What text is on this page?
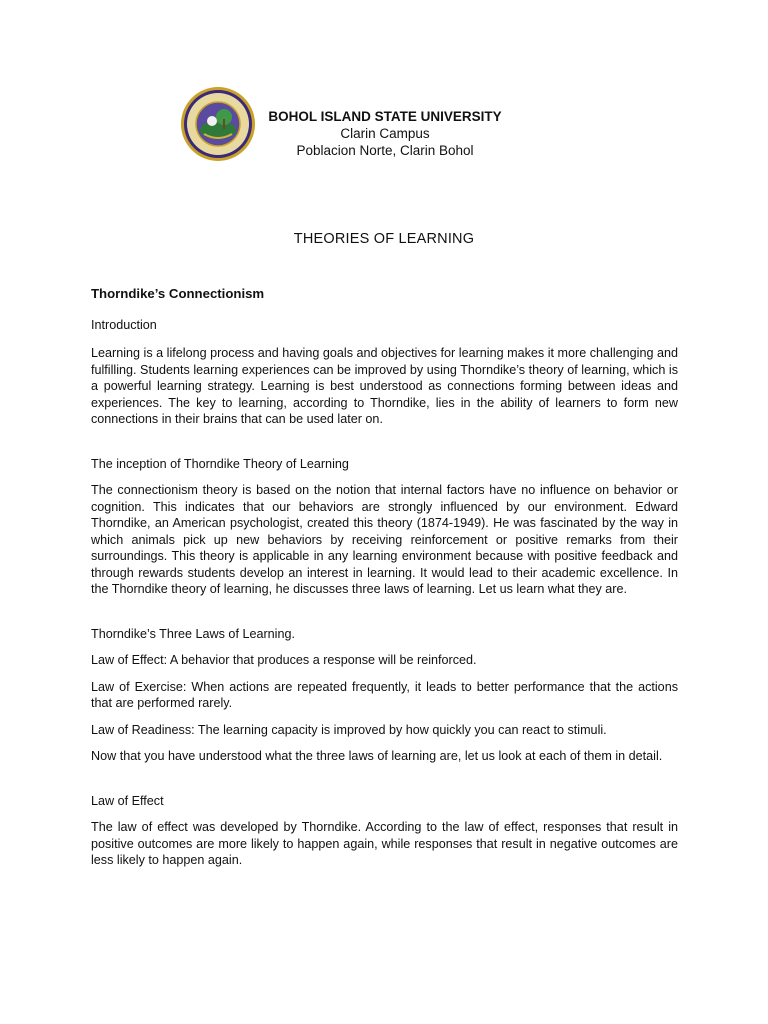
BOHOL ISLAND STATE UNIVERSITY
Clarin Campus
Poblacion Norte, Clarin Bohol
THEORIES OF LEARNING

Thorndike’s Connectionism

Introduction

Learning is a lifelong process and having goals and objectives for learning makes it more challenging and fulfilling. Students learning experiences can be improved by using Thorndike’s theory of learning, which is a powerful learning strategy. Learning is best understood as connections forming between ideas and experiences. The key to learning, according to Thorndike, lies in the ability of learners to form new connections in their brains that can be used later on.

The inception of Thorndike Theory of Learning

The connectionism theory is based on the notion that internal factors have no influence on behavior or cognition. This indicates that our behaviors are strongly influenced by our environment. Edward Thorndike, an American psychologist, created this theory (1874-1949). He was fascinated by the way in which animals pick up new behaviors by receiving reinforcement or positive remarks from their surroundings. This theory is applicable in any learning environment because with positive feedback and through rewards students develop an interest in learning. It would lead to their academic excellence. In the Thorndike theory of learning, he discusses three laws of learning. Let us learn what they are.

Thorndike’s Three Laws of Learning.

Law of Effect: A behavior that produces a response will be reinforced.

Law of Exercise: When actions are repeated frequently, it leads to better performance that the actions that are performed rarely.

Law of Readiness: The learning capacity is improved by how quickly you can react to stimuli.

Now that you have understood what the three laws of learning are, let us look at each of them in detail.

Law of Effect

The law of effect was developed by Thorndike. According to the law of effect, responses that result in positive outcomes are more likely to happen again, while responses that result in negative outcomes are less likely to happen again.
